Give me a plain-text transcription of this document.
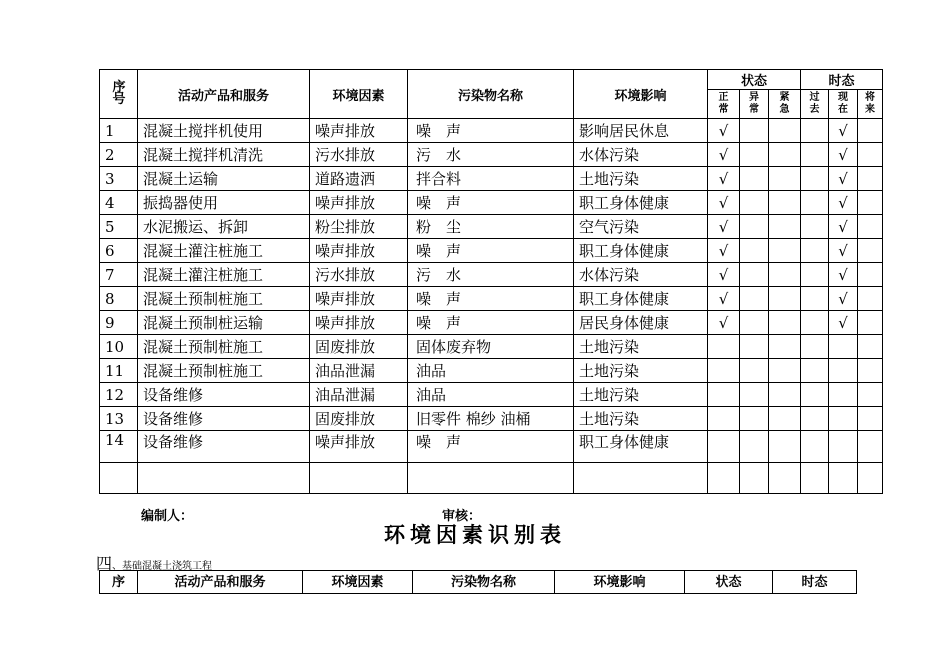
序号	活动产品和服务	环境因素	污染物名称	环境影响	状态			时态		
					正常	异常	紧急	过去	现在	将来
1	混凝土搅拌机使用	噪声排放	噪　声	影响居民休息	√				√	
2	混凝土搅拌机清洗	污水排放	污　水	水体污染	√				√	
3	混凝土运输	道路遗洒	拌合料	土地污染	√				√	
4	振捣器使用	噪声排放	噪　声	职工身体健康	√				√	
5	水泥搬运、拆卸	粉尘排放	粉　尘	空气污染	√				√	
6	混凝土灌注桩施工	噪声排放	噪　声	职工身体健康	√				√	
7	混凝土灌注桩施工	污水排放	污　水	水体污染	√				√	
8	混凝土预制桩施工	噪声排放	噪　声	职工身体健康	√				√	
9	混凝土预制桩运输	噪声排放	噪　声	居民身体健康	√				√	
10	混凝土预制桩施工	固废排放	固体废弃物	土地污染						
11	混凝土预制桩施工	油品泄漏	油品	土地污染						
12	设备维修	油品泄漏	油品	土地污染						
13	设备维修	固废排放	旧零件 棉纱 油桶	土地污染						
14	设备维修	噪声排放	噪　声	职工身体健康						

编制人：	审核：
环境因素识别表
四、基础混凝土浇筑工程
序	活动产品和服务	环境因素	污染物名称	环境影响	状态	时态
